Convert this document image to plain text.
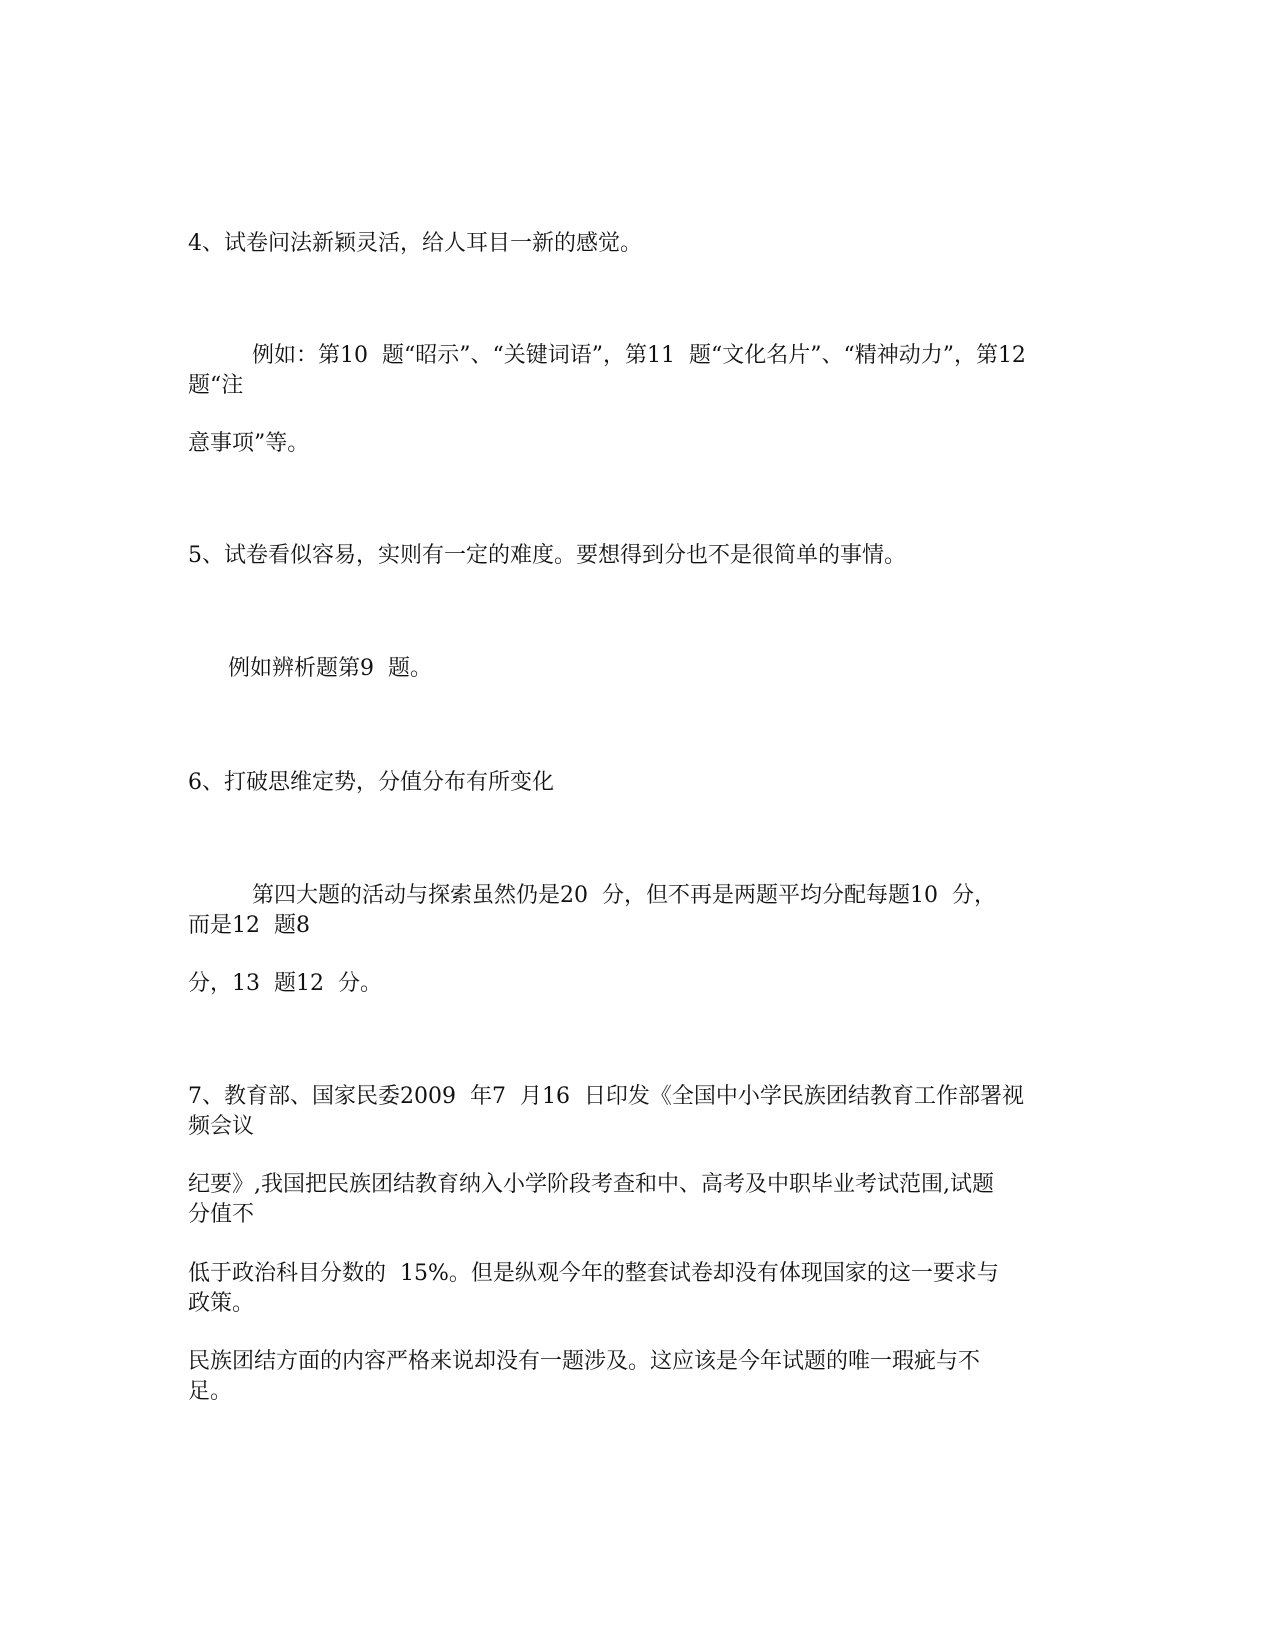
4、试卷问法新颖灵活，给人耳目一新的感觉。
例如：第10  题“昭示”、“关键词语”，第11  题“文化名片”、“精神动力”，第12
题“注
意事项”等。
5、试卷看似容易，实则有一定的难度。要想得到分也不是很简单的事情。
例如辨析题第9  题。
6、打破思维定势，分值分布有所变化
第四大题的活动与探索虽然仍是20  分，但不再是两题平均分配每题10  分，
而是12  题8
分，13  题12  分。
7、教育部、国家民委2009  年7  月16  日印发《全国中小学民族团结教育工作部署视
频会议
纪要》,我国把民族团结教育纳入小学阶段考查和中、高考及中职毕业考试范围,试题
分值不
低于政治科目分数的  15%。但是纵观今年的整套试卷却没有体现国家的这一要求与
政策。
民族团结方面的内容严格来说却没有一题涉及。这应该是今年试题的唯一瑕疵与不
足。
